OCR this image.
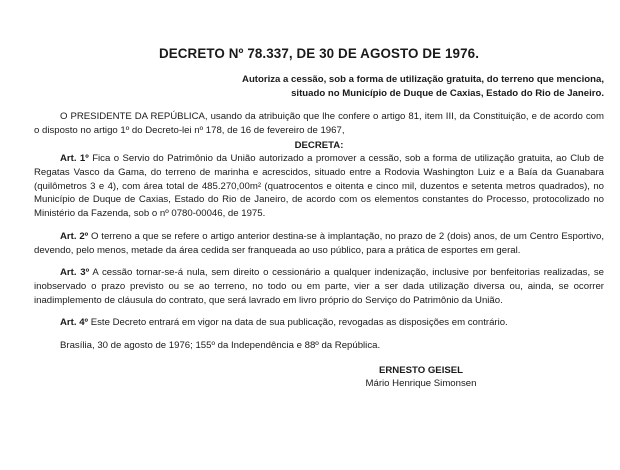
DECRETO Nº 78.337, DE 30 DE AGOSTO DE 1976.
Autoriza a cessão, sob a forma de utilização gratuita, do terreno que menciona,
situado no Município de Duque de Caxias, Estado do Rio de Janeiro.

O PRESIDENTE DA REPÚBLICA, usando da atribuição que lhe confere o artigo 81, item III, da Constituição, e de acordo com o disposto no artigo 1º do Decreto-lei nº 178, de 16 de fevereiro de 1967,

DECRETA:

Art. 1º Fica o Servio do Patrimônio da União autorizado a promover a cessão, sob a forma de utilização gratuita, ao Club de Regatas Vasco da Gama, do terreno de marinha e acrescidos, situado entre a Rodovia Washington Luiz e a Baía da Guanabara (quilômetros 3 e 4), com área total de 485.270,00m² (quatrocentos e oitenta e cinco mil, duzentos e setenta metros quadrados), no Município de Duque de Caxias, Estado do Rio de Janeiro, de acordo com os elementos constantes do Processo, protocolizado no Ministério da Fazenda, sob o nº 0780-00046, de 1975.

Art. 2º O terreno a que se refere o artigo anterior destina-se à implantação, no prazo de 2 (dois) anos, de um Centro Esportivo, devendo, pelo menos, metade da área cedida ser franqueada ao uso público, para a prática de esportes em geral.

Art. 3º A cessão tornar-se-á nula, sem direito o cessionário a qualquer indenização, inclusive por benfeitorias realizadas, se inobservado o prazo previsto ou se ao terreno, no todo ou em parte, vier a ser dada utilização diversa ou, ainda, se ocorrer inadimplemento de cláusula do contrato, que será lavrado em livro próprio do Serviço do Patrimônio da União.

Art. 4º Este Decreto entrará em vigor na data de sua publicação, revogadas as disposições em contrário.

Brasília, 30 de agosto de 1976; 155º da Independência e 88º da República.

ERNESTO GEISEL
Mário Henrique Simonsen
